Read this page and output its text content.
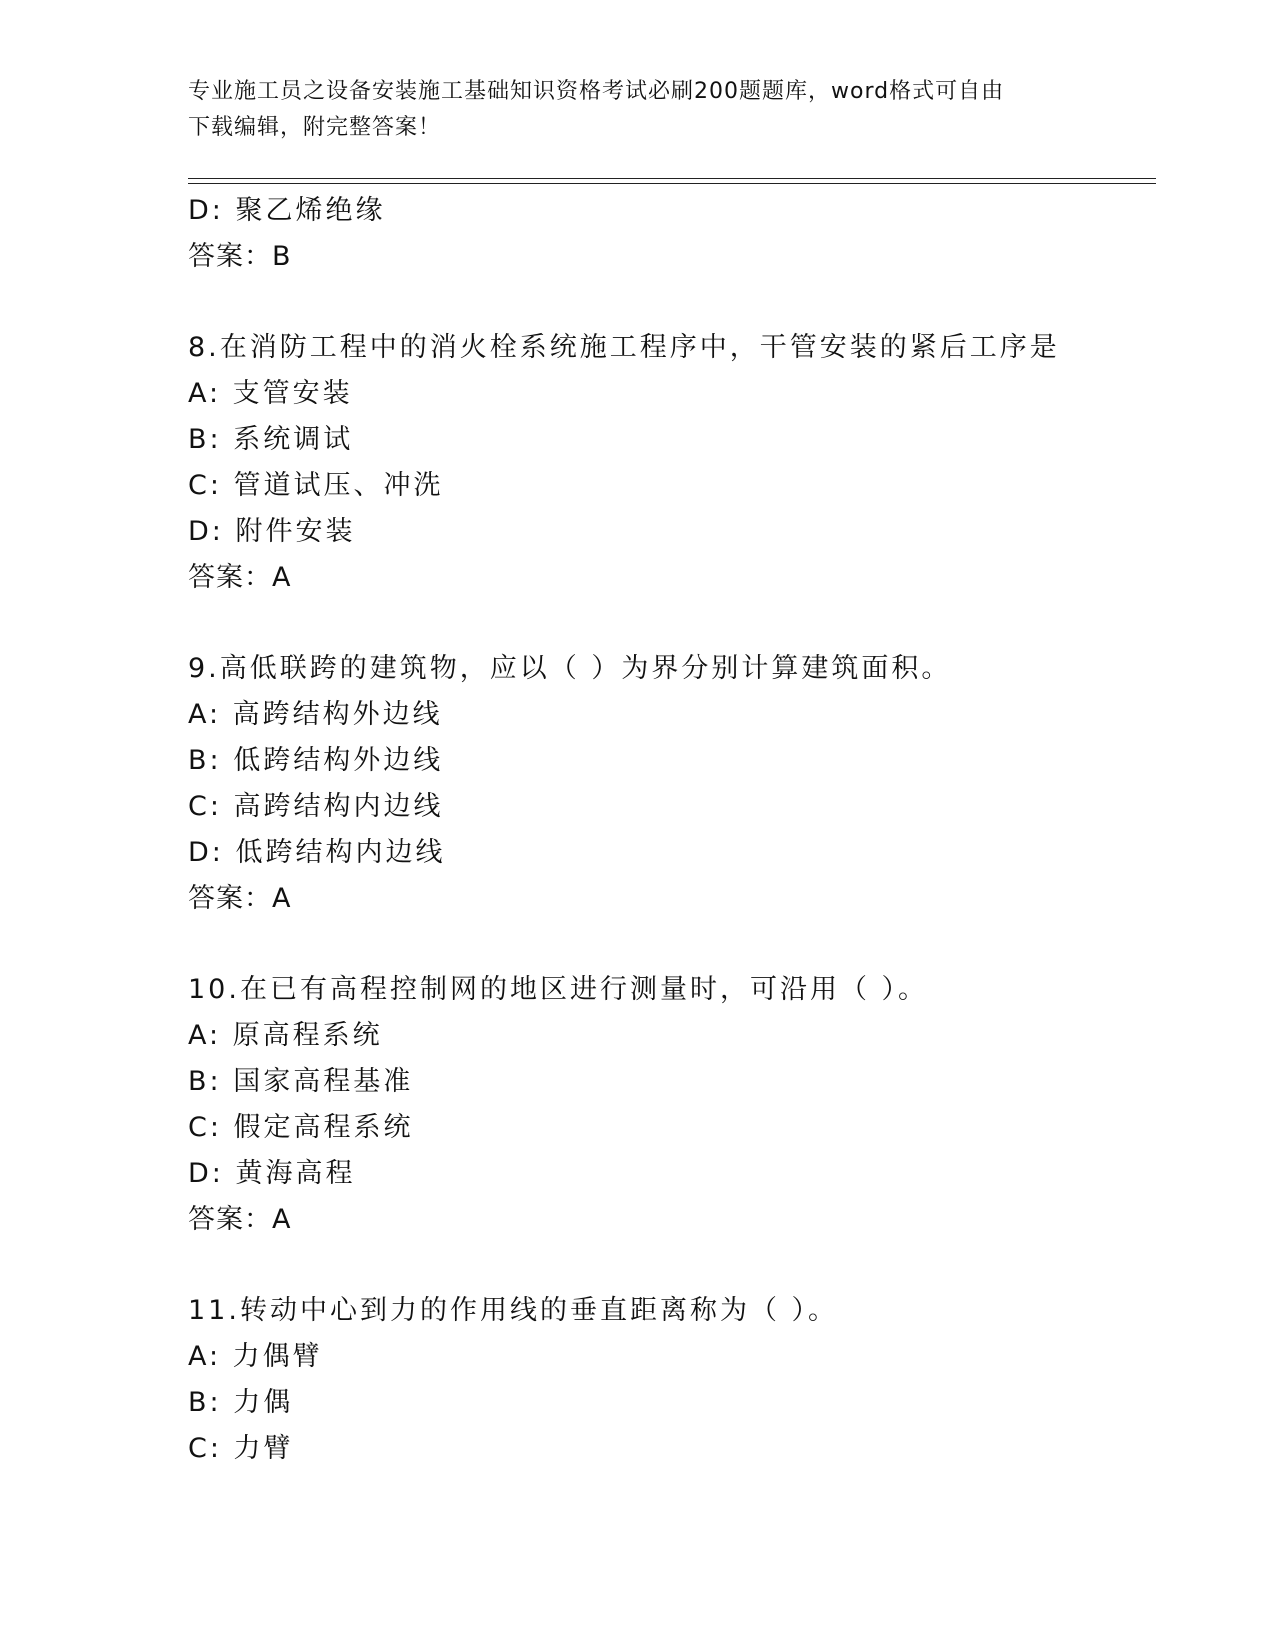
专业施工员之设备安装施工基础知识资格考试必刷200题题库，word格式可自由
下载编辑，附完整答案！
D: 聚乙烯绝缘
答案：B
8.在消防工程中的消火栓系统施工程序中，干管安装的紧后工序是
A: 支管安装
B: 系统调试
C: 管道试压、冲洗
D: 附件安装
答案：A
9.高低联跨的建筑物，应以（ ）为界分别计算建筑面积。
A: 高跨结构外边线
B: 低跨结构外边线
C: 高跨结构内边线
D: 低跨结构内边线
答案：A
10.在已有高程控制网的地区进行测量时，可沿用（ ）。
A: 原高程系统
B: 国家高程基准
C: 假定高程系统
D: 黄海高程
答案：A
11.转动中心到力的作用线的垂直距离称为（ ）。
A: 力偶臂
B: 力偶
C: 力臂
